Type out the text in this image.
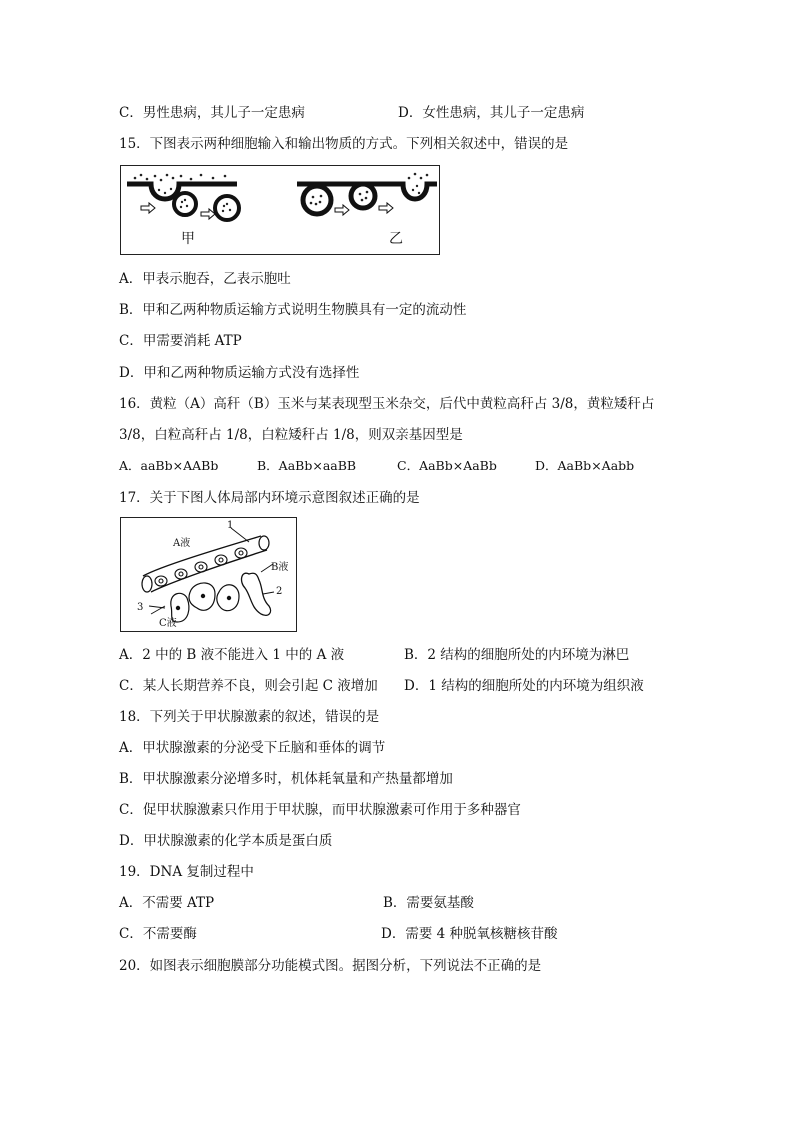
C．男性患病，其儿子一定患病	D．女性患病，其儿子一定患病
15．下图表示两种细胞输入和输出物质的方式。下列相关叙述中，错误的是
甲	乙
A．甲表示胞吞，乙表示胞吐
B．甲和乙两种物质运输方式说明生物膜具有一定的流动性
C．甲需要消耗 ATP
D．甲和乙两种物质运输方式没有选择性
16．黄粒（A）高秆（B）玉米与某表现型玉米杂交，后代中黄粒高秆占 3/8，黄粒矮秆占
3/8，白粒高秆占 1/8，白粒矮秆占 1/8，则双亲基因型是
A．aaBb×AABb	B．AaBb×aaBB	C．AaBb×AaBb	D．AaBb×Aabb
17．关于下图人体局部内环境示意图叙述正确的是
1
A液
B液
2
3
C液
A．2 中的 B 液不能进入 1 中的 A 液	B．2 结构的细胞所处的内环境为淋巴
C．某人长期营养不良，则会引起 C 液增加 D．1 结构的细胞所处的内环境为组织液
18．下列关于甲状腺激素的叙述，错误的是
A．甲状腺激素的分泌受下丘脑和垂体的调节
B．甲状腺激素分泌增多时，机体耗氧量和产热量都增加
C．促甲状腺激素只作用于甲状腺，而甲状腺激素可作用于多种器官
D．甲状腺激素的化学本质是蛋白质
19．DNA 复制过程中
A．不需要 ATP	B．需要氨基酸
C．不需要酶	D．需要 4 种脱氧核糖核苷酸
20．如图表示细胞膜部分功能模式图。据图分析，下列说法不正确的是
